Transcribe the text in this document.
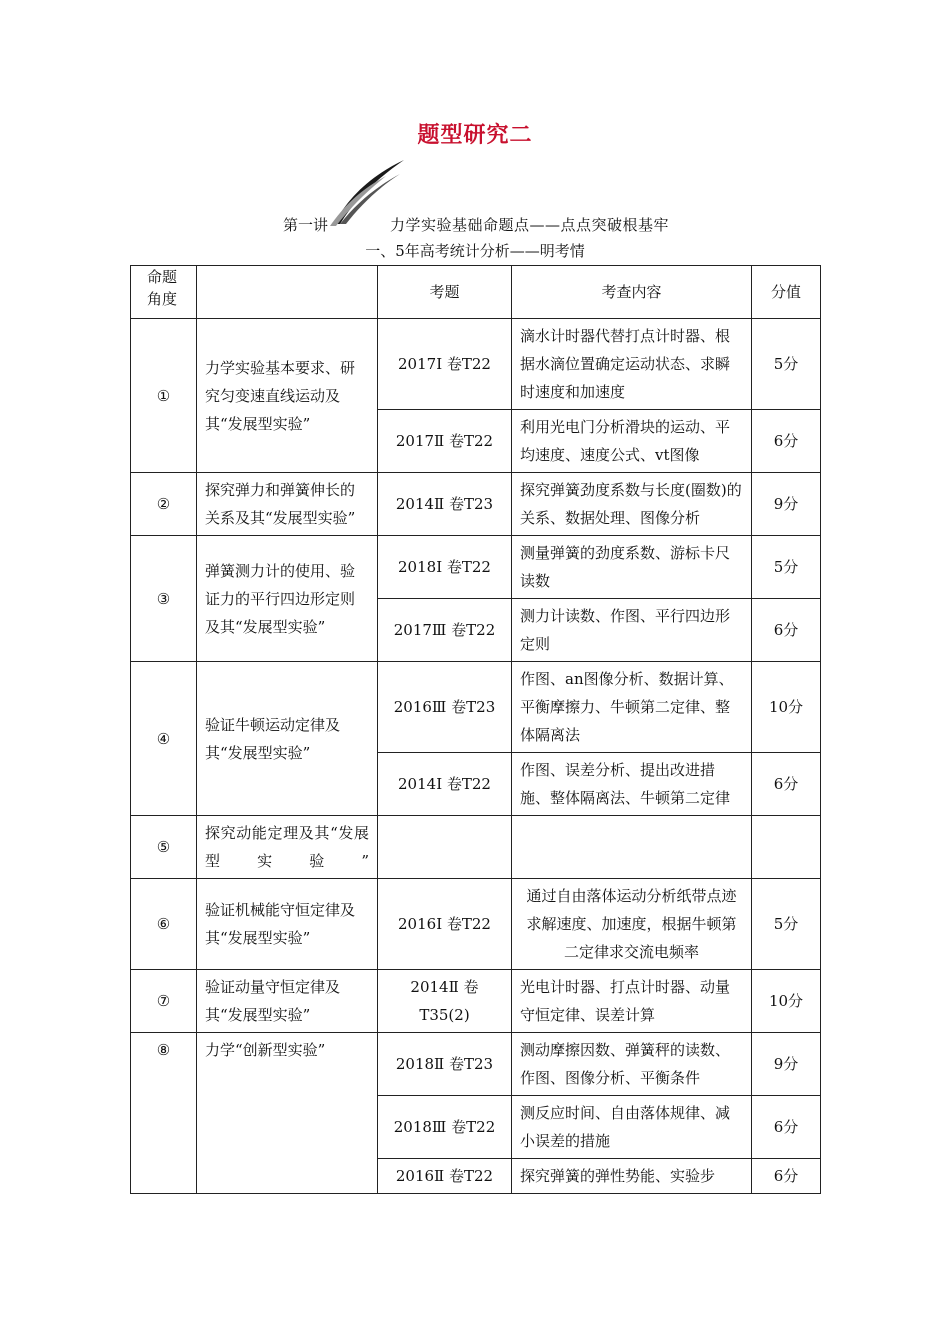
题型研究二
第一讲	力学实验基础命题点——点点突破根基牢
一、5年高考统计分析——明考情
命题角度		考题	考查内容	分值
①	力学实验基本要求、研究匀变速直线运动及其“发展型实验”	2017Ⅰ 卷T22	滴水计时器代替打点计时器、根据水滴位置确定运动状态、求瞬时速度和加速度	5分
		2017Ⅱ 卷T22	利用光电门分析滑块的运动、平均速度、速度公式、vt图像	6分
②	探究弹力和弹簧伸长的关系及其“发展型实验”	2014Ⅱ 卷T23	探究弹簧劲度系数与长度(圈数)的关系、数据处理、图像分析	9分
③	弹簧测力计的使用、验证力的平行四边形定则及其“发展型实验”	2018Ⅰ 卷T22	测量弹簧的劲度系数、游标卡尺读数	5分
		2017Ⅲ 卷T22	测力计读数、作图、平行四边形定则	6分
④	验证牛顿运动定律及其“发展型实验”	2016Ⅲ 卷T23	作图、an图像分析、数据计算、平衡摩擦力、牛顿第二定律、整体隔离法	10分
		2014Ⅰ 卷T22	作图、误差分析、提出改进措施、整体隔离法、牛顿第二定律	6分
⑤	探究动能定理及其“发展型实验”			
⑥	验证机械能守恒定律及其“发展型实验”	2016Ⅰ 卷T22	通过自由落体运动分析纸带点迹求解速度、加速度，根据牛顿第二定律求交流电频率	5分
⑦	验证动量守恒定律及其“发展型实验”	2014Ⅱ 卷T35(2)	光电计时器、打点计时器、动量守恒定律、误差计算	10分
⑧	力学“创新型实验”	2018Ⅱ 卷T23	测动摩擦因数、弹簧秤的读数、作图、图像分析、平衡条件	9分
		2018Ⅲ 卷T22	测反应时间、自由落体规律、减小误差的措施	6分
		2016Ⅱ 卷T22	探究弹簧的弹性势能、实验步	6分
